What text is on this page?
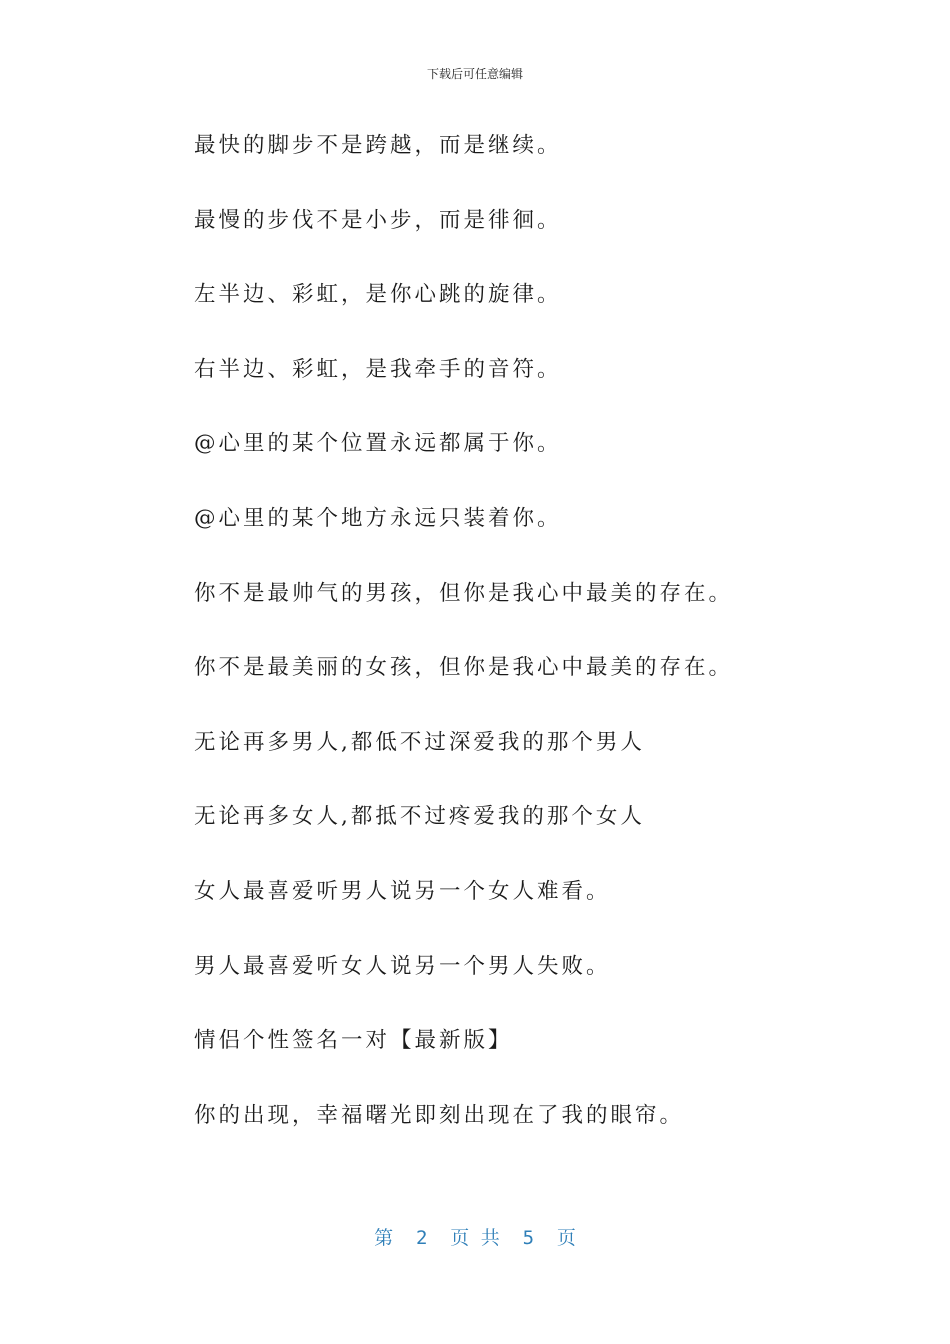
下载后可任意编辑
最快的脚步不是跨越，而是继续。
最慢的步伐不是小步，而是徘徊。
左半边、彩虹，是你心跳的旋律。
右半边、彩虹，是我牵手的音符。
@心里的某个位置永远都属于你。
@心里的某个地方永远只装着你。
你不是最帅气的男孩，但你是我心中最美的存在。
你不是最美丽的女孩，但你是我心中最美的存在。
无论再多男人,都低不过深爱我的那个男人
无论再多女人,都抵不过疼爱我的那个女人
女人最喜爱听男人说另一个女人难看。
男人最喜爱听女人说另一个男人失败。
情侣个性签名一对【最新版】
你的出现，幸福曙光即刻出现在了我的眼帘。
第  2  页 共  5  页
